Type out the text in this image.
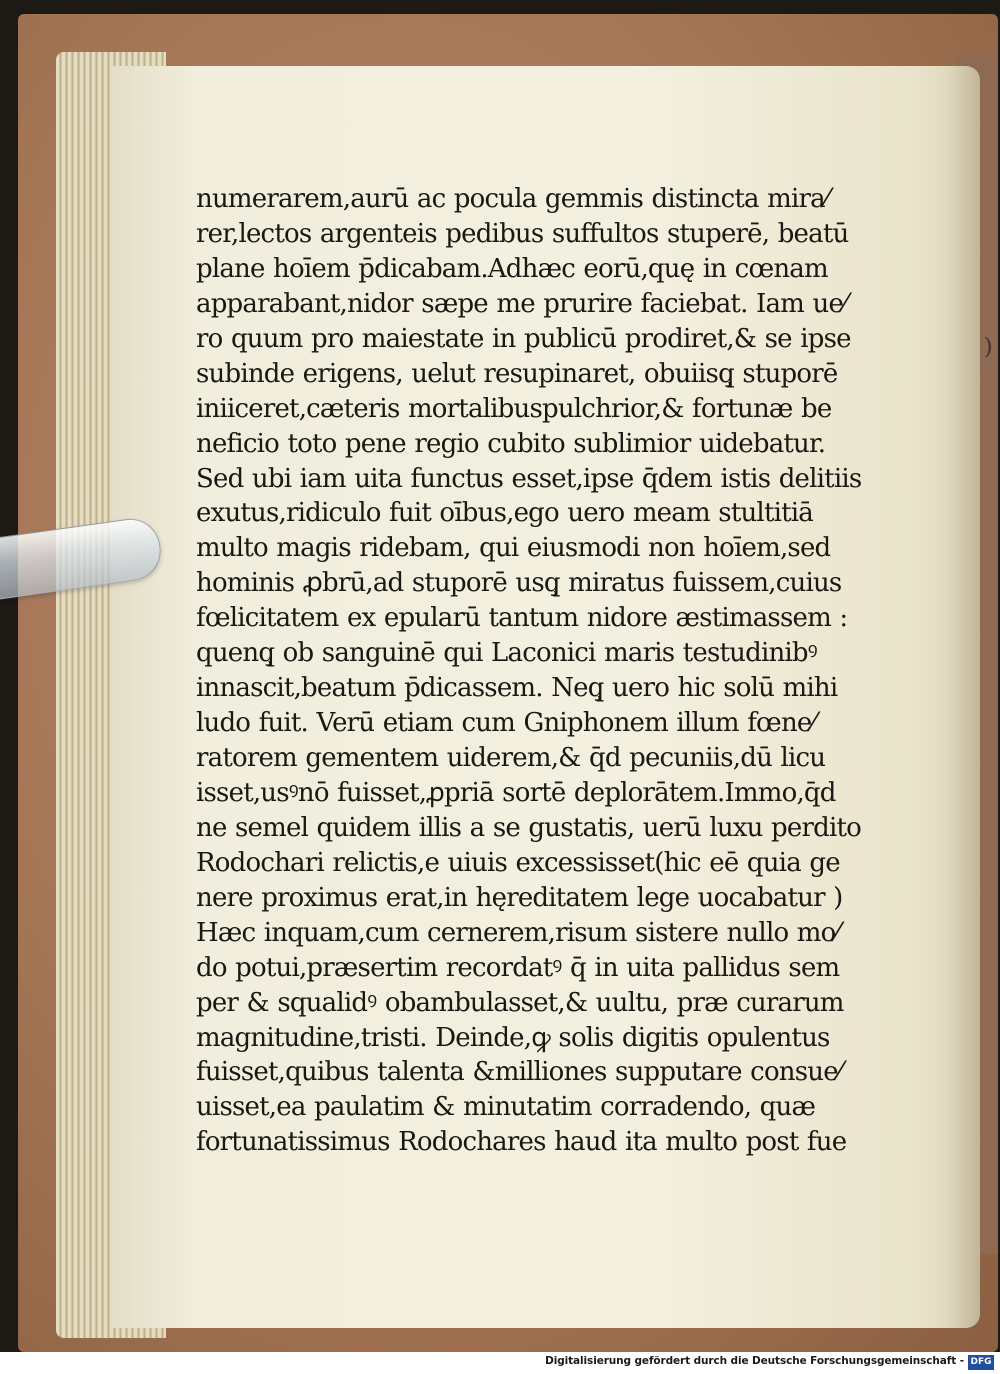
)
numerarem,aurū ac pocula gemmis distincta mira⁄
rer,lectos argenteis pedibus suffultos stuperē, beatū
plane hoīem p̄dicabam.Adhæc eorū,quę in cœnam
apparabant,nidor sæpe me prurire faciebat. Iam ue⁄
ro quum pro maiestate in publicū prodiret,& se ipse
subinde erigens, uelut resupinaret, obuiisq̧ stuporē
iniiceret,cæteris mortalibuspulchrior,& fortunæ be
neficio toto pene regio cubito sublimior uidebatur.
Sed ubi iam uita functus esset,ipse q̄dem istis delitiis
exutus,ridiculo fuit oībus,ego uero meam stultitiā
multo magis ridebam, qui eiusmodi non hoīem,sed
hominis ꝓbrū,ad stuporē usq̧ miratus fuissem,cuius
fœlicitatem ex epularū tantum nidore æstimassem :
quenq̧ ob sanguinē qui Laconici maris testudinibꝰ
innascit,beatum p̄dicassem. Neq̧ uero hic solū mihi
ludo fuit. Verū etiam cum Gniphonem illum fœne⁄
ratorem gementem uiderem,& q̄d pecuniis,dū licu
isset,usꝰnō fuisset,ꝓpriā sortē deplorātem.Immo,q̄d
ne semel quidem illis a se gustatis, uerū luxu perdito
Rodochari relictis,e uiuis excessisset(hic eē quia ge
nere proximus erat,in hęreditatem lege uocabatur )
Hæc inquam,cum cernerem,risum sistere nullo mo⁄
do potui,præsertim recordatꝰ q̄ in uita pallidus sem
per & squalidꝰ obambulasset,& uultu, præ curarum
magnitudine,tristi. Deinde,ꝙ solis digitis opulentus
fuisset,quibus talenta &milliones supputare consue⁄
uisset,ea paulatim & minutatim corradendo, quæ
fortunatissimus Rodochares haud ita multo post fue
Digitalisierung gefördert durch die Deutsche Forschungsgemeinschaft - DFG
